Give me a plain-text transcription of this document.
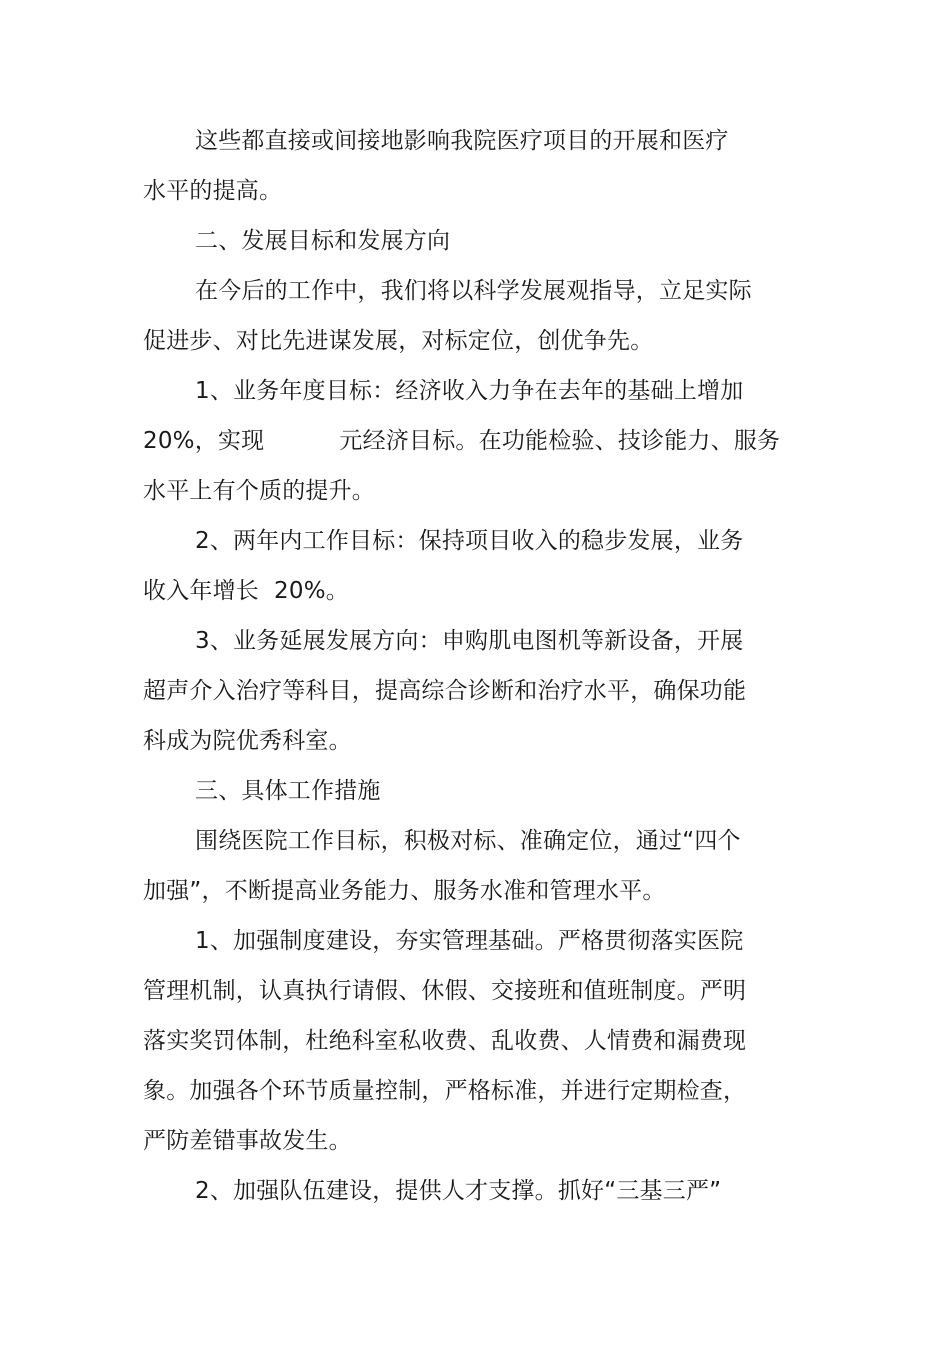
这些都直接或间接地影响我院医疗项目的开展和医疗
水平的提高。
二、发展目标和发展方向
在今后的工作中，我们将以科学发展观指导，立足实际
促进步、对比先进谋发展，对标定位，创优争先。
1、业务年度目标：经济收入力争在去年的基础上增加
20%，实现          元经济目标。在功能检验、技诊能力、服务
水平上有个质的提升。
2、两年内工作目标：保持项目收入的稳步发展，业务
收入年增长  20%。
3、业务延展发展方向：申购肌电图机等新设备，开展
超声介入治疗等科目，提高综合诊断和治疗水平，确保功能
科成为院优秀科室。
三、具体工作措施
围绕医院工作目标，积极对标、准确定位，通过“四个
加强”，不断提高业务能力、服务水准和管理水平。
1、加强制度建设，夯实管理基础。严格贯彻落实医院
管理机制，认真执行请假、休假、交接班和值班制度。严明
落实奖罚体制，杜绝科室私收费、乱收费、人情费和漏费现
象。加强各个环节质量控制，严格标准，并进行定期检查，
严防差错事故发生。
2、加强队伍建设，提供人才支撑。抓好“三基三严”
